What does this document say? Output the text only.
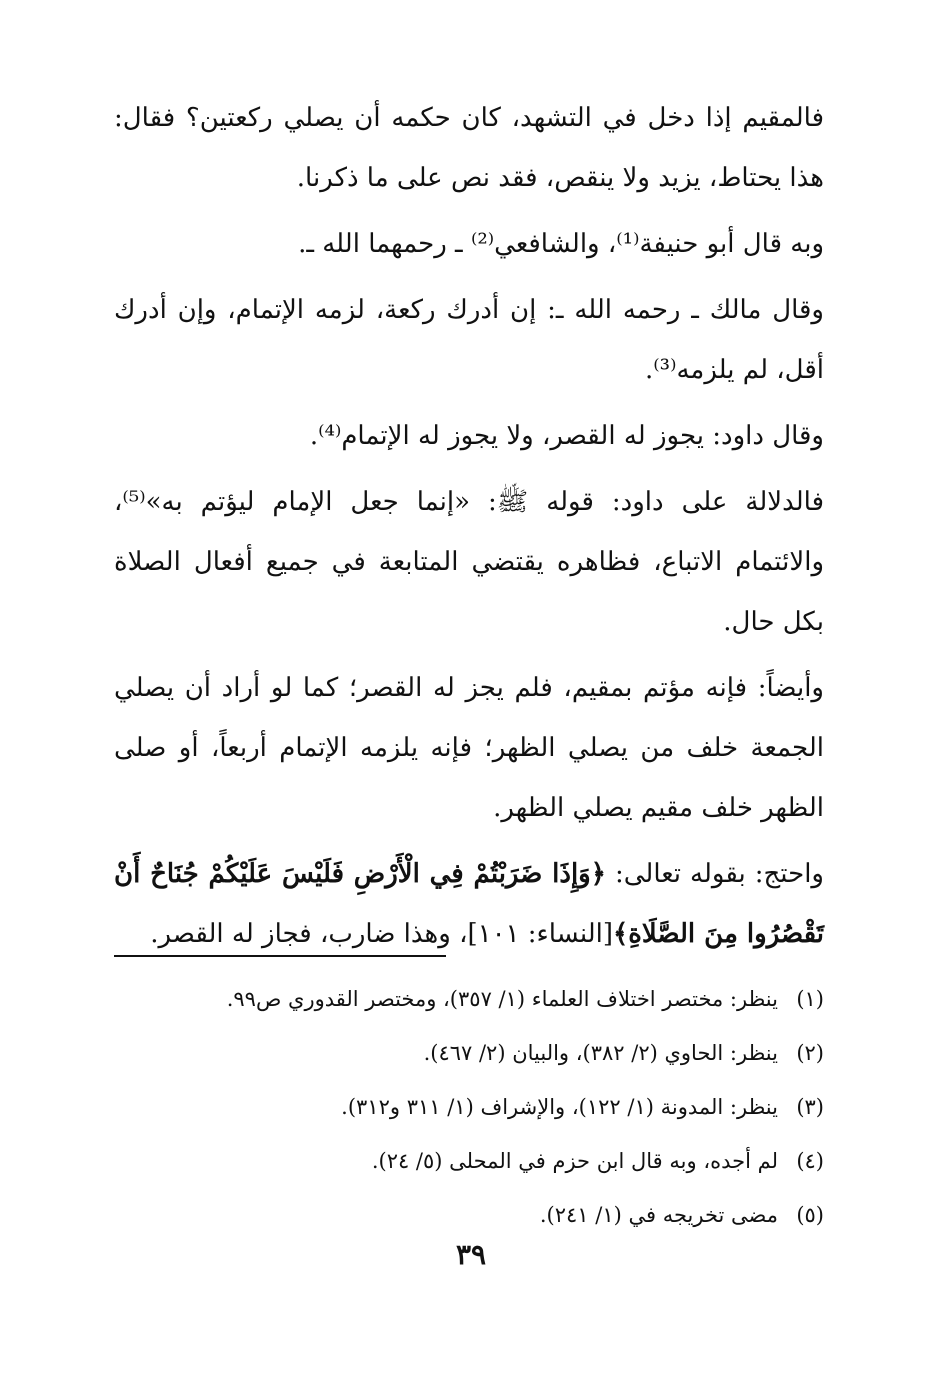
فالمقيم إذا دخل في التشهد، كان حكمه أن يصلي ركعتين؟ فقال: هذا يحتاط، يزيد ولا ينقص، فقد نص على ما ذكرنا.

وبه قال أبو حنيفة⁽¹⁾، والشافعي⁽²⁾ ـ رحمهما الله ـ.

وقال مالك ـ رحمه الله ـ: إن أدرك ركعة، لزمه الإتمام، وإن أدرك أقل، لم يلزمه⁽³⁾.

وقال داود: يجوز له القصر، ولا يجوز له الإتمام⁽⁴⁾.

فالدلالة على داود: قوله ﷺ: «إنما جعل الإمام ليؤتم به»⁽⁵⁾، والائتمام الاتباع، فظاهره يقتضي المتابعة في جميع أفعال الصلاة بكل حال.

وأيضاً: فإنه مؤتم بمقيم، فلم يجز له القصر؛ كما لو أراد أن يصلي الجمعة خلف من يصلي الظهر؛ فإنه يلزمه الإتمام أربعاً، أو صلى الظهر خلف مقيم يصلي الظهر.

واحتج: بقوله تعالى: ﴿وَإِذَا ضَرَبْتُمْ فِي الْأَرْضِ فَلَيْسَ عَلَيْكُمْ جُنَاحٌ أَنْ تَقْصُرُوا مِنَ الصَّلَاةِ﴾[النساء: ١٠١]، وهذا ضارب، فجاز له القصر.

(١)
ينظر: مختصر اختلاف العلماء (١/ ٣٥٧)، ومختصر القدوري ص٩٩.
(٢)
ينظر: الحاوي (٢/ ٣٨٢)، والبيان (٢/ ٤٦٧).
(٣)
ينظر: المدونة (١/ ١٢٢)، والإشراف (١/ ٣١١ و٣١٢).
(٤)
لم أجده، وبه قال ابن حزم في المحلى (٥/ ٢٤).
(٥)
مضى تخريجه في (١/ ٢٤١).
٣٩
